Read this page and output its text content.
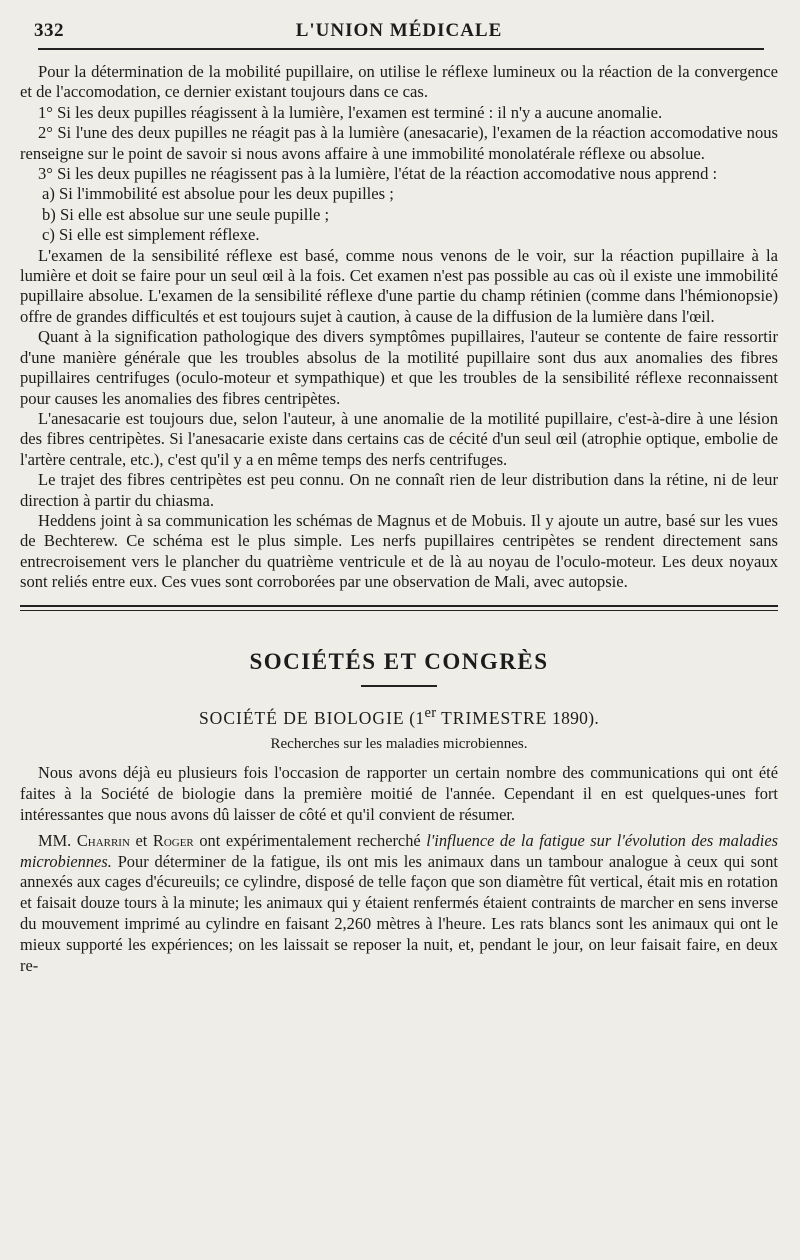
332	L'UNION MÉDICALE

Pour la détermination de la mobilité pupillaire, on utilise le réflexe lumineux ou la réaction de la convergence et de l'accomodation, ce dernier existant toujours dans ce cas.

1° Si les deux pupilles réagissent à la lumière, l'examen est terminé : il n'y a aucune anomalie.

2° Si l'une des deux pupilles ne réagit pas à la lumière (anesacarie), l'examen de la réaction accomodative nous renseigne sur le point de savoir si nous avons affaire à une immobilité monolatérale réflexe ou absolue.

3° Si les deux pupilles ne réagissent pas à la lumière, l'état de la réaction accomodative nous apprend :

a) Si l'immobilité est absolue pour les deux pupilles ;

b) Si elle est absolue sur une seule pupille ;

c) Si elle est simplement réflexe.

L'examen de la sensibilité réflexe est basé, comme nous venons de le voir, sur la réaction pupillaire à la lumière et doit se faire pour un seul œil à la fois. Cet examen n'est pas possible au cas où il existe une immobilité pupillaire absolue. L'examen de la sensibilité réflexe d'une partie du champ rétinien (comme dans l'hémionopsie) offre de grandes difficultés et est toujours sujet à caution, à cause de la diffusion de la lumière dans l'œil.

Quant à la signification pathologique des divers symptômes pupillaires, l'auteur se contente de faire ressortir d'une manière générale que les troubles absolus de la motilité pupillaire sont dus aux anomalies des fibres pupillaires centrifuges (oculo-moteur et sympathique) et que les troubles de la sensibilité réflexe reconnaissent pour causes les anomalies des fibres centripètes.

L'anesacarie est toujours due, selon l'auteur, à une anomalie de la motilité pupillaire, c'est-à-dire à une lésion des fibres centripètes. Si l'anesacarie existe dans certains cas de cécité d'un seul œil (atrophie optique, embolie de l'artère centrale, etc.), c'est qu'il y a en même temps des nerfs centrifuges.

Le trajet des fibres centripètes est peu connu. On ne connaît rien de leur distribution dans la rétine, ni de leur direction à partir du chiasma.

Heddens joint à sa communication les schémas de Magnus et de Mobuis. Il y ajoute un autre, basé sur les vues de Bechterew. Ce schéma est le plus simple. Les nerfs pupillaires centripètes se rendent directement sans entrecroisement vers le plancher du quatrième ventricule et de là au noyau de l'oculo-moteur. Les deux noyaux sont reliés entre eux. Ces vues sont corroborées par une observation de Mali, avec autopsie.

SOCIÉTÉS ET CONGRÈS
SOCIÉTÉ DE BIOLOGIE (1er TRIMESTRE 1890).
Recherches sur les maladies microbiennes.

Nous avons déjà eu plusieurs fois l'occasion de rapporter un certain nombre des communications qui ont été faites à la Société de biologie dans la première moitié de l'année. Cependant il en est quelques-unes fort intéressantes que nous avons dû laisser de côté et qu'il convient de résumer.

MM. Charrin et Roger ont expérimentalement recherché l'influence de la fatigue sur l'évolution des maladies microbiennes. Pour déterminer de la fatigue, ils ont mis les animaux dans un tambour analogue à ceux qui sont annexés aux cages d'écureuils; ce cylindre, disposé de telle façon que son diamètre fût vertical, était mis en rotation et faisait douze tours à la minute; les animaux qui y étaient renfermés étaient contraints de marcher en sens inverse du mouvement imprimé au cylindre en faisant 2,260 mètres à l'heure. Les rats blancs sont les animaux qui ont le mieux supporté les expériences; on les laissait se reposer la nuit, et, pendant le jour, on leur faisait faire, en deux re-
